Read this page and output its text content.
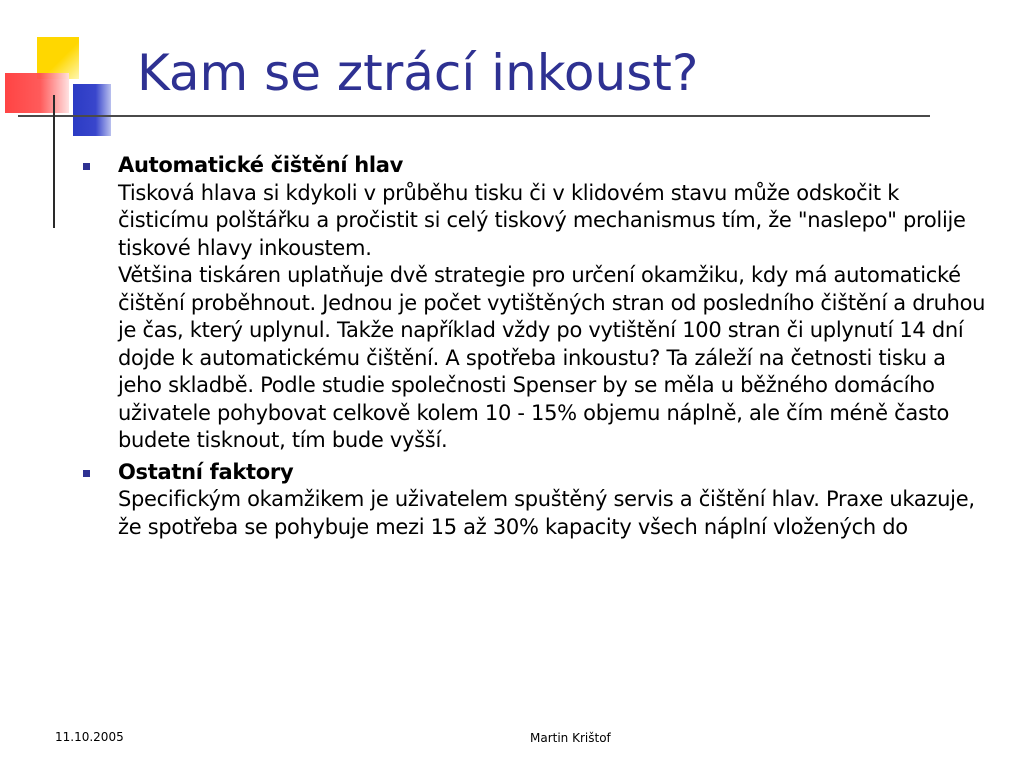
Kam se ztrácí inkoust?
Automatické čištění hlav
Tisková hlava si kdykoli v průběhu tisku či v klidovém stavu může odskočit k čisticímu polštářku a pročistit si celý tiskový mechanismus tím, že "naslepo" prolije tiskové hlavy inkoustem.
Většina tiskáren uplatňuje dvě strategie pro určení okamžiku, kdy má automatické čištění proběhnout. Jednou je počet vytištěných stran od posledního čištění a druhou je čas, který uplynul. Takže například vždy po vytištění 100 stran či uplynutí 14 dní dojde k automatickému čištění. A spotřeba inkoustu? Ta záleží na četnosti tisku a jeho skladbě. Podle studie společnosti Spenser by se měla u běžného domácího uživatele pohybovat celkově kolem 10 - 15% objemu náplně, ale čím méně často budete tisknout, tím bude vyšší.
Ostatní faktory
Specifickým okamžikem je uživatelem spuštěný servis a čištění hlav. Praxe ukazuje, že spotřeba se pohybuje mezi 15 až 30% kapacity všech náplní vložených do
11.10.2005	Martin Krištof
